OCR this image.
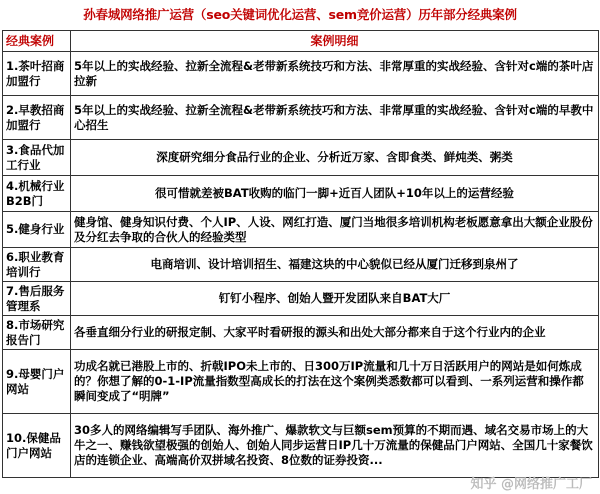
孙春城网络推广运营（seo关键词优化运营、sem竞价运营）历年部分经典案例
经典案例	案例明细
1.茶叶招商加盟行	5年以上的实战经验、拉新全流程&老带新系统技巧和方法、非常厚重的实战经验、含针对c端的茶叶店拉新
2.早教招商加盟行	5年以上的实战经验、拉新全流程&老带新系统技巧和方法、非常厚重的实战经验、含针对c端的早教中心招生
3.食品代加工行业	深度研究细分食品行业的企业、分析近万家、含即食类、鲜炖类、粥类
4.机械行业B2B门	很可惜就差被BAT收购的临门一脚+近百人团队+10年以上的运营经验
5.健身行业	健身馆、健身知识付费、个人IP、人设、网红打造、厦门当地很多培训机构老板愿意拿出大额企业股份及分红去争取的合伙人的经验类型
6.职业教育培训行	电商培训、设计培训招生、福建这块的中心貌似已经从厦门迁移到泉州了
7.售后服务管理系	钉钉小程序、创始人暨开发团队来自BAT大厂
8.市场研究报告门	各垂直细分行业的研报定制、大家平时看研报的源头和出处大部分都来自于这个行业内的企业
9.母婴门户网站	功成名就已港股上市的、折戟IPO未上市的、日300万IP流量和几十万日活跃用户的网站是如何炼成的？你想了解的0-1-IP流量指数型高成长的打法在这个案例类悉数都可以看到、一系列运营和操作都瞬间变成了“明牌”
10.保健品门户网站	30多人的网络编辑写手团队、海外推广、爆款软文与巨额sem预算的不期而遇、域名交易市场上的大牛之一、赚钱欲望极强的创始人、创始人同步运营日IP几十万流量的保健品门户网站、全国几十家餐饮店的连锁企业、高端高价双拼域名投资、8位数的证券投资...
知乎 @网络推广工厂
